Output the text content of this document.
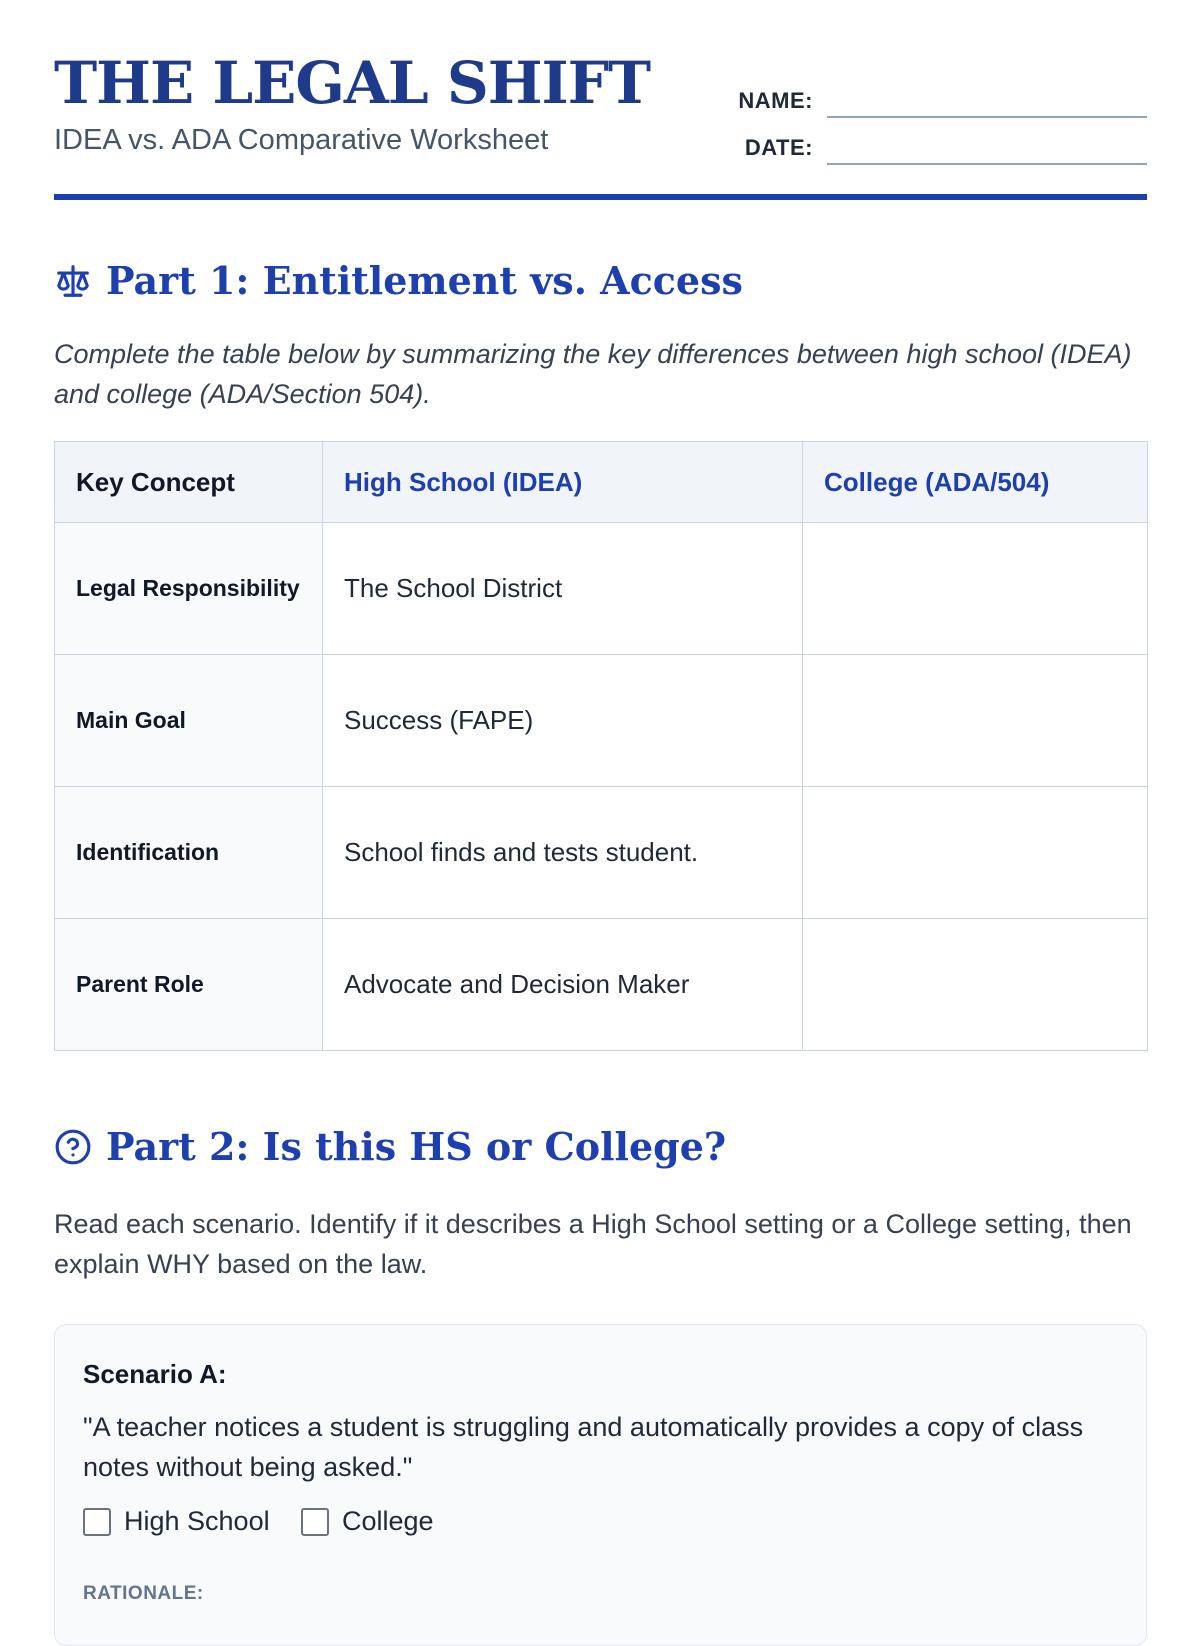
THE LEGAL SHIFT

IDEA vs. ADA Comparative Worksheet

NAME:
DATE:
Part 1: Entitlement vs. Access

Complete the table below by summarizing the key differences between high school (IDEA) and college (ADA/Section 504).

Key Concept	High School (IDEA)	College (ADA/504)
Legal Responsibility	The School District	
Main Goal	Success (FAPE)	
Identification	School finds and tests student.	
Parent Role	Advocate and Decision Maker	
Part 2: Is this HS or College?

Read each scenario. Identify if it describes a High School setting or a College setting, then explain WHY based on the law.

Scenario A:

"A teacher notices a student is struggling and automatically provides a copy of class notes without being asked."

High School	College
RATIONALE:
